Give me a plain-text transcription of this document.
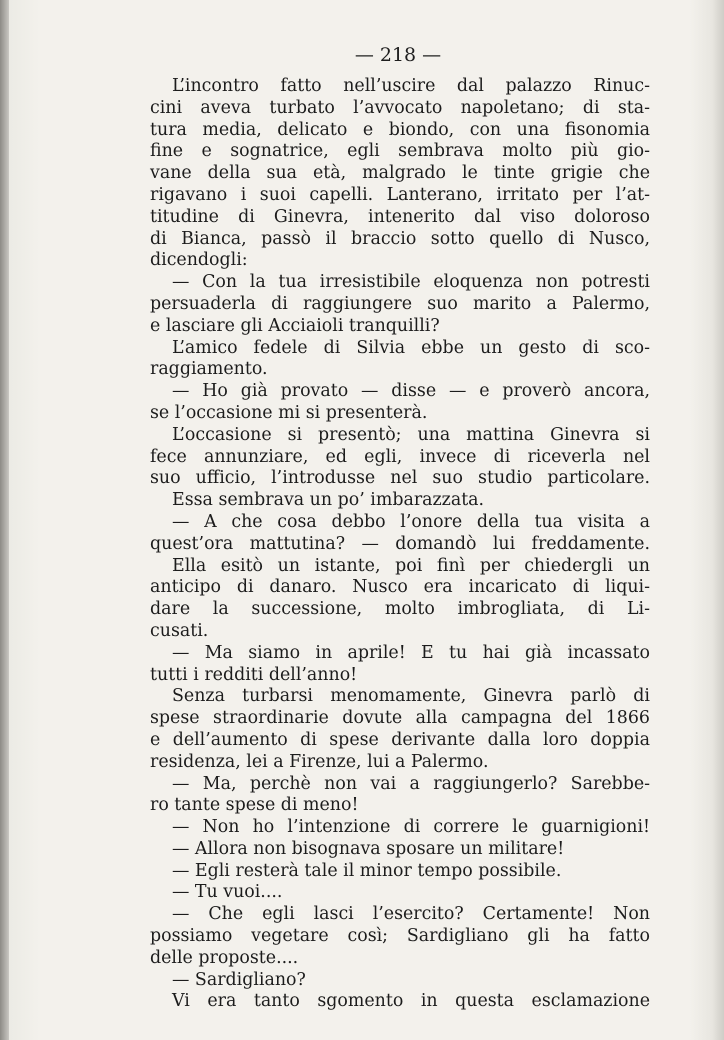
— 218 —
L’incontro fatto nell’uscire dal palazzo Rinuc-
cini aveva turbato l’avvocato napoletano; di sta-
tura media, delicato e biondo, con una fisonomia
fine e sognatrice, egli sembrava molto più gio-
vane della sua età, malgrado le tinte grigie che
rigavano i suoi capelli. Lanterano, irritato per l’at-
titudine di Ginevra, intenerito dal viso doloroso
di Bianca, passò il braccio sotto quello di Nusco,
dicendogli:
— Con la tua irresistibile eloquenza non potresti
persuaderla di raggiungere suo marito a Palermo,
e lasciare gli Acciaioli tranquilli?
L’amico fedele di Silvia ebbe un gesto di sco-
raggiamento.
— Ho già provato — disse — e proverò ancora,
se l’occasione mi si presenterà.
L’occasione si presentò; una mattina Ginevra si
fece annunziare, ed egli, invece di riceverla nel
suo ufficio, l’introdusse nel suo studio particolare.
Essa sembrava un po’ imbarazzata.
— A che cosa debbo l’onore della tua visita a
quest’ora mattutina? — domandò lui freddamente.
Ella esitò un istante, poi finì per chiedergli un
anticipo di danaro. Nusco era incaricato di liqui-
dare la successione, molto imbrogliata, di Li-
cusati.
— Ma siamo in aprile! E tu hai già incassato
tutti i redditi dell’anno!
Senza turbarsi menomamente, Ginevra parlò di
spese straordinarie dovute alla campagna del 1866
e dell’aumento di spese derivante dalla loro doppia
residenza, lei a Firenze, lui a Palermo.
— Ma, perchè non vai a raggiungerlo? Sarebbe-
ro tante spese di meno!
— Non ho l’intenzione di correre le guarnigioni!
— Allora non bisognava sposare un militare!
— Egli resterà tale il minor tempo possibile.
— Tu vuoi....
— Che egli lasci l’esercito? Certamente! Non
possiamo vegetare così; Sardigliano gli ha fatto
delle proposte....
— Sardigliano?
Vi era tanto sgomento in questa esclamazione
